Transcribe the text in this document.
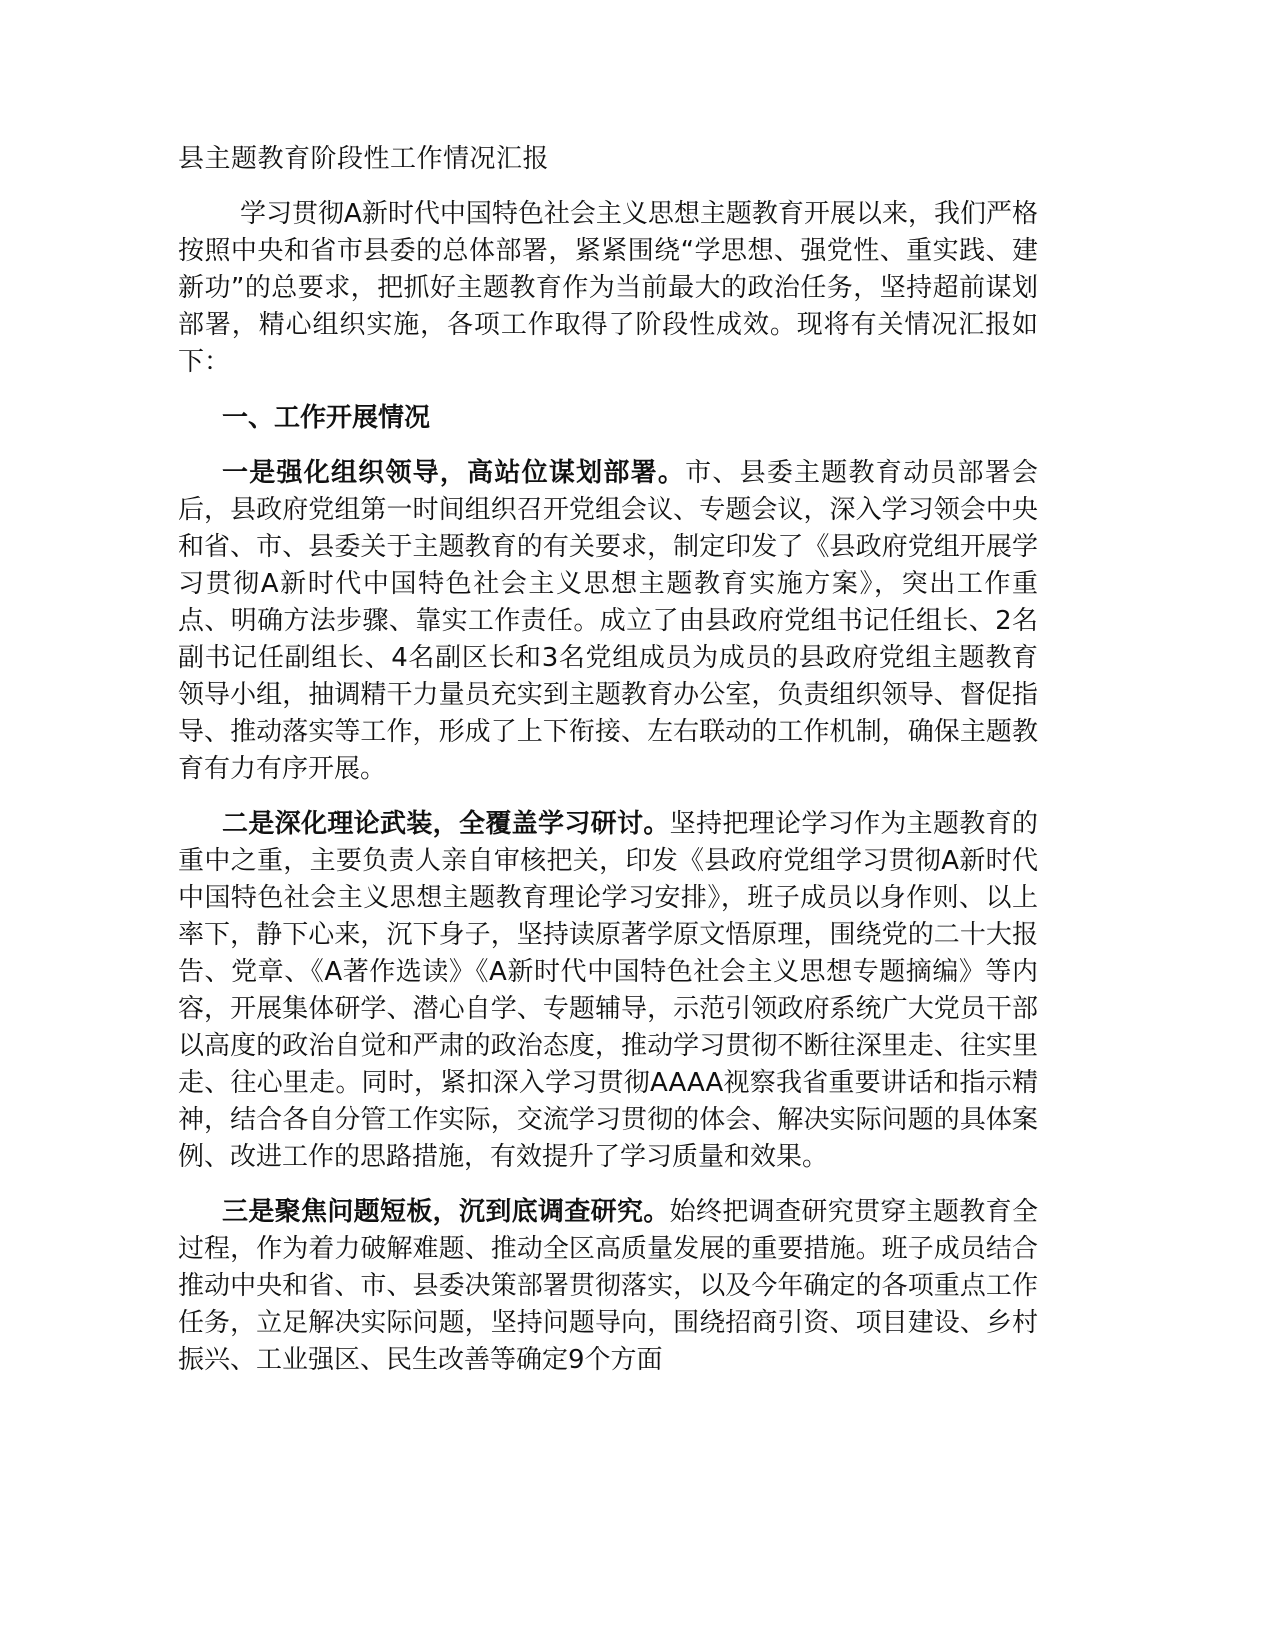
县主题教育阶段性工作情况汇报

学习贯彻A新时代中国特色社会主义思想主题教育开展以来，我们严格按照中央和省市县委的总体部署，紧紧围绕“学思想、强党性、重实践、建新功”的总要求，把抓好主题教育作为当前最大的政治任务，坚持超前谋划部署，精心组织实施，各项工作取得了阶段性成效。现将有关情况汇报如下：

一、工作开展情况

一是强化组织领导，高站位谋划部署。市、县委主题教育动员部署会后，县政府党组第一时间组织召开党组会议、专题会议，深入学习领会中央和省、市、县委关于主题教育的有关要求，制定印发了《县政府党组开展学习贯彻A新时代中国特色社会主义思想主题教育实施方案》，突出工作重点、明确方法步骤、靠实工作责任。成立了由县政府党组书记任组长、2名副书记任副组长、4名副区长和3名党组成员为成员的县政府党组主题教育领导小组，抽调精干力量员充实到主题教育办公室，负责组织领导、督促指导、推动落实等工作，形成了上下衔接、左右联动的工作机制，确保主题教育有力有序开展。

二是深化理论武装，全覆盖学习研讨。坚持把理论学习作为主题教育的重中之重，主要负责人亲自审核把关，印发《县政府党组学习贯彻A新时代中国特色社会主义思想主题教育理论学习安排》，班子成员以身作则、以上率下，静下心来，沉下身子，坚持读原著学原文悟原理，围绕党的二十大报告、党章、《A著作选读》《A新时代中国特色社会主义思想专题摘编》等内容，开展集体研学、潜心自学、专题辅导，示范引领政府系统广大党员干部以高度的政治自觉和严肃的政治态度，推动学习贯彻不断往深里走、往实里走、往心里走。同时，紧扣深入学习贯彻AAAA视察我省重要讲话和指示精神，结合各自分管工作实际，交流学习贯彻的体会、解决实际问题的具体案例、改进工作的思路措施，有效提升了学习质量和效果。

三是聚焦问题短板，沉到底调查研究。始终把调查研究贯穿主题教育全过程，作为着力破解难题、推动全区高质量发展的重要措施。班子成员结合推动中央和省、市、县委决策部署贯彻落实，以及今年确定的各项重点工作任务，立足解决实际问题，坚持问题导向，围绕招商引资、项目建设、乡村振兴、工业强区、民生改善等确定9个方面
